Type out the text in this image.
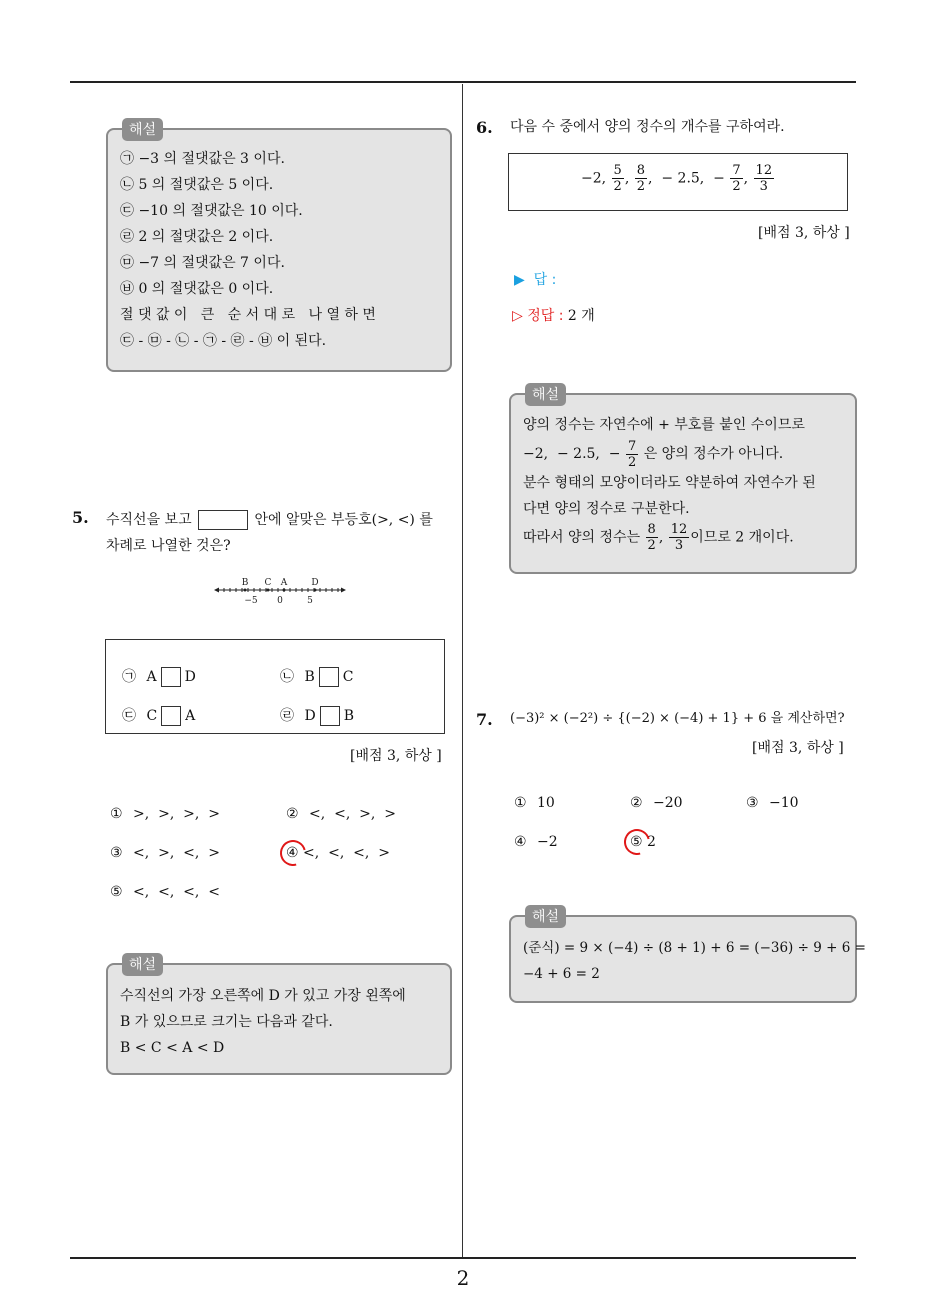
해설
㉠ −3 의 절댓값은 3 이다.
㉡ 5 의 절댓값은 5 이다.
㉢ −10 의 절댓값은 10 이다.
㉣ 2 의 절댓값은 2 이다.
㉤ −7 의 절댓값은 7 이다.
㉥ 0 의 절댓값은 0 이다.
절 댓 값 이   큰   순 서 대 로   나 열 하 면
㉢ - ㉤ - ㉡ - ㉠ - ㉣ - ㉥ 이 된다.
5. 수직선을 보고	안에 알맞은 부등호(>, <) 를
차례로 나열한 것은?
B C A	D
−5 0	5
㉠ A D	㉡ B C
㉢ C A	㉣ D B
[배점 3, 하상 ]
① >,  >,  >,  >	② <,  <,  >,  >
③ <,  >,  <,  >	④ <,  <,  <,  >
⑤ <,  <,  <,  <
해설
수직선의 가장 오른쪽에 D 가 있고 가장 왼쪽에
B 가 있으므로 크기는 다음과 같다.
B < C < A < D
6. 다음 수 중에서 양의 정수의 개수를 구하여라.
−2, $\frac{5}{2}$ , $\frac{8}{2}$ ,  − 2.5,  − $\frac{7}{2}$ , $\frac{12}{3}$
[배점 3, 하상 ]
▶  답 :
▷ 정답 : 2 개
해설
양의 정수는 자연수에 + 부호를 붙인 수이므로
−2,  − 2.5,  − $\frac{7}{2}$ 은 양의 정수가 아니다.
분수 형태의 모양이더라도 약분하여 자연수가 된
다면 양의 정수로 구분한다.
따라서 양의 정수는 $\frac{8}{2}$ , $\frac{12}{3}$ 이므로 2 개이다.
7. (−3)² × (−2²) ÷ {(−2) × (−4) + 1} + 6 을 계산하면?
[배점 3, 하상 ]
① 10	② −20	③ −10
④ −2	⑤ 2
해설
(준식) = 9 × (−4) ÷ (8 + 1) + 6 = (−36) ÷ 9 + 6 =
−4 + 6 = 2
2
